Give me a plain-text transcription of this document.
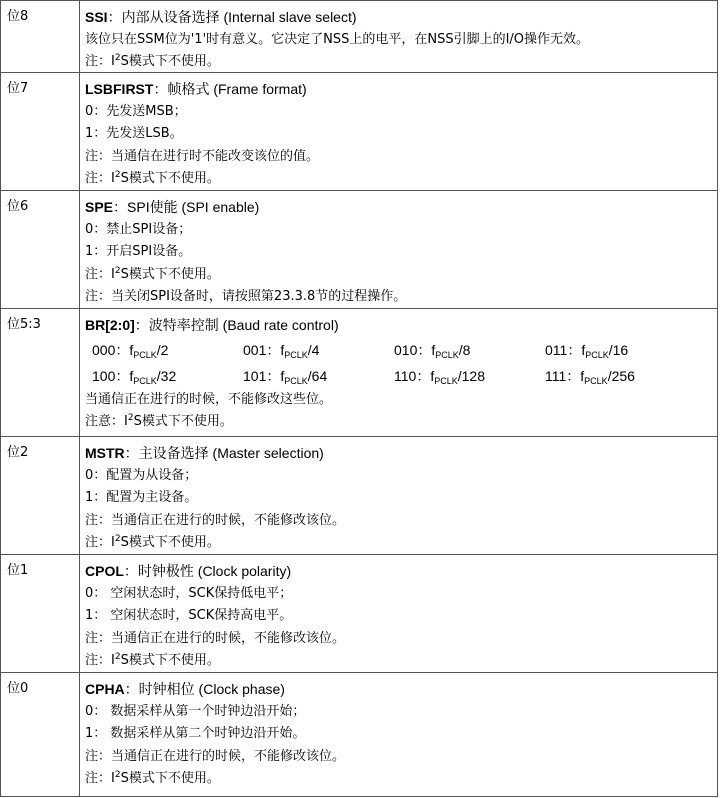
位8	SSI：内部从设备选择 (Internal slave select)
该位只在SSM位为'1'时有意义。它决定了NSS上的电平，在NSS引脚上的I/O操作无效。
注：$I^2S$模式下不使用。
位7	LSBFIRST：帧格式 (Frame format)
0：先发送MSB；
1：先发送LSB。
注：当通信在进行时不能改变该位的值。
注：$I^2S$模式下不使用。
位6	SPE：SPI使能 (SPI enable)
0：禁止SPI设备；
1：开启SPI设备。
注：$I^2S$模式下不使用。
注：当关闭SPI设备时，请按照第23.3.8节的过程操作。
位5:3	BR[2:0]：波特率控制 (Baud rate control)
000：$f_{PCLK}/2$	001：$f_{PCLK}/4$	010：$f_{PCLK}/8$	011：$f_{PCLK}/16$
100：$f_{PCLK}/32$	101：$f_{PCLK}/64$	110：$f_{PCLK}/128$	111：$f_{PCLK}/256$
当通信正在进行的时候，不能修改这些位。
注意：$I^2S$模式下不使用。
位2	MSTR：主设备选择 (Master selection)
0：配置为从设备；
1：配置为主设备。
注：当通信正在进行的时候，不能修改该位。
注：$I^2S$模式下不使用。
位1	CPOL：时钟极性 (Clock polarity)
0： 空闲状态时，SCK保持低电平；
1： 空闲状态时，SCK保持高电平。
注：当通信正在进行的时候，不能修改该位。
注：$I^2S$模式下不使用。
位0	CPHA：时钟相位 (Clock phase)
0： 数据采样从第一个时钟边沿开始；
1： 数据采样从第二个时钟边沿开始。
注：当通信正在进行的时候，不能修改该位。
注：$I^2S$模式下不使用。
